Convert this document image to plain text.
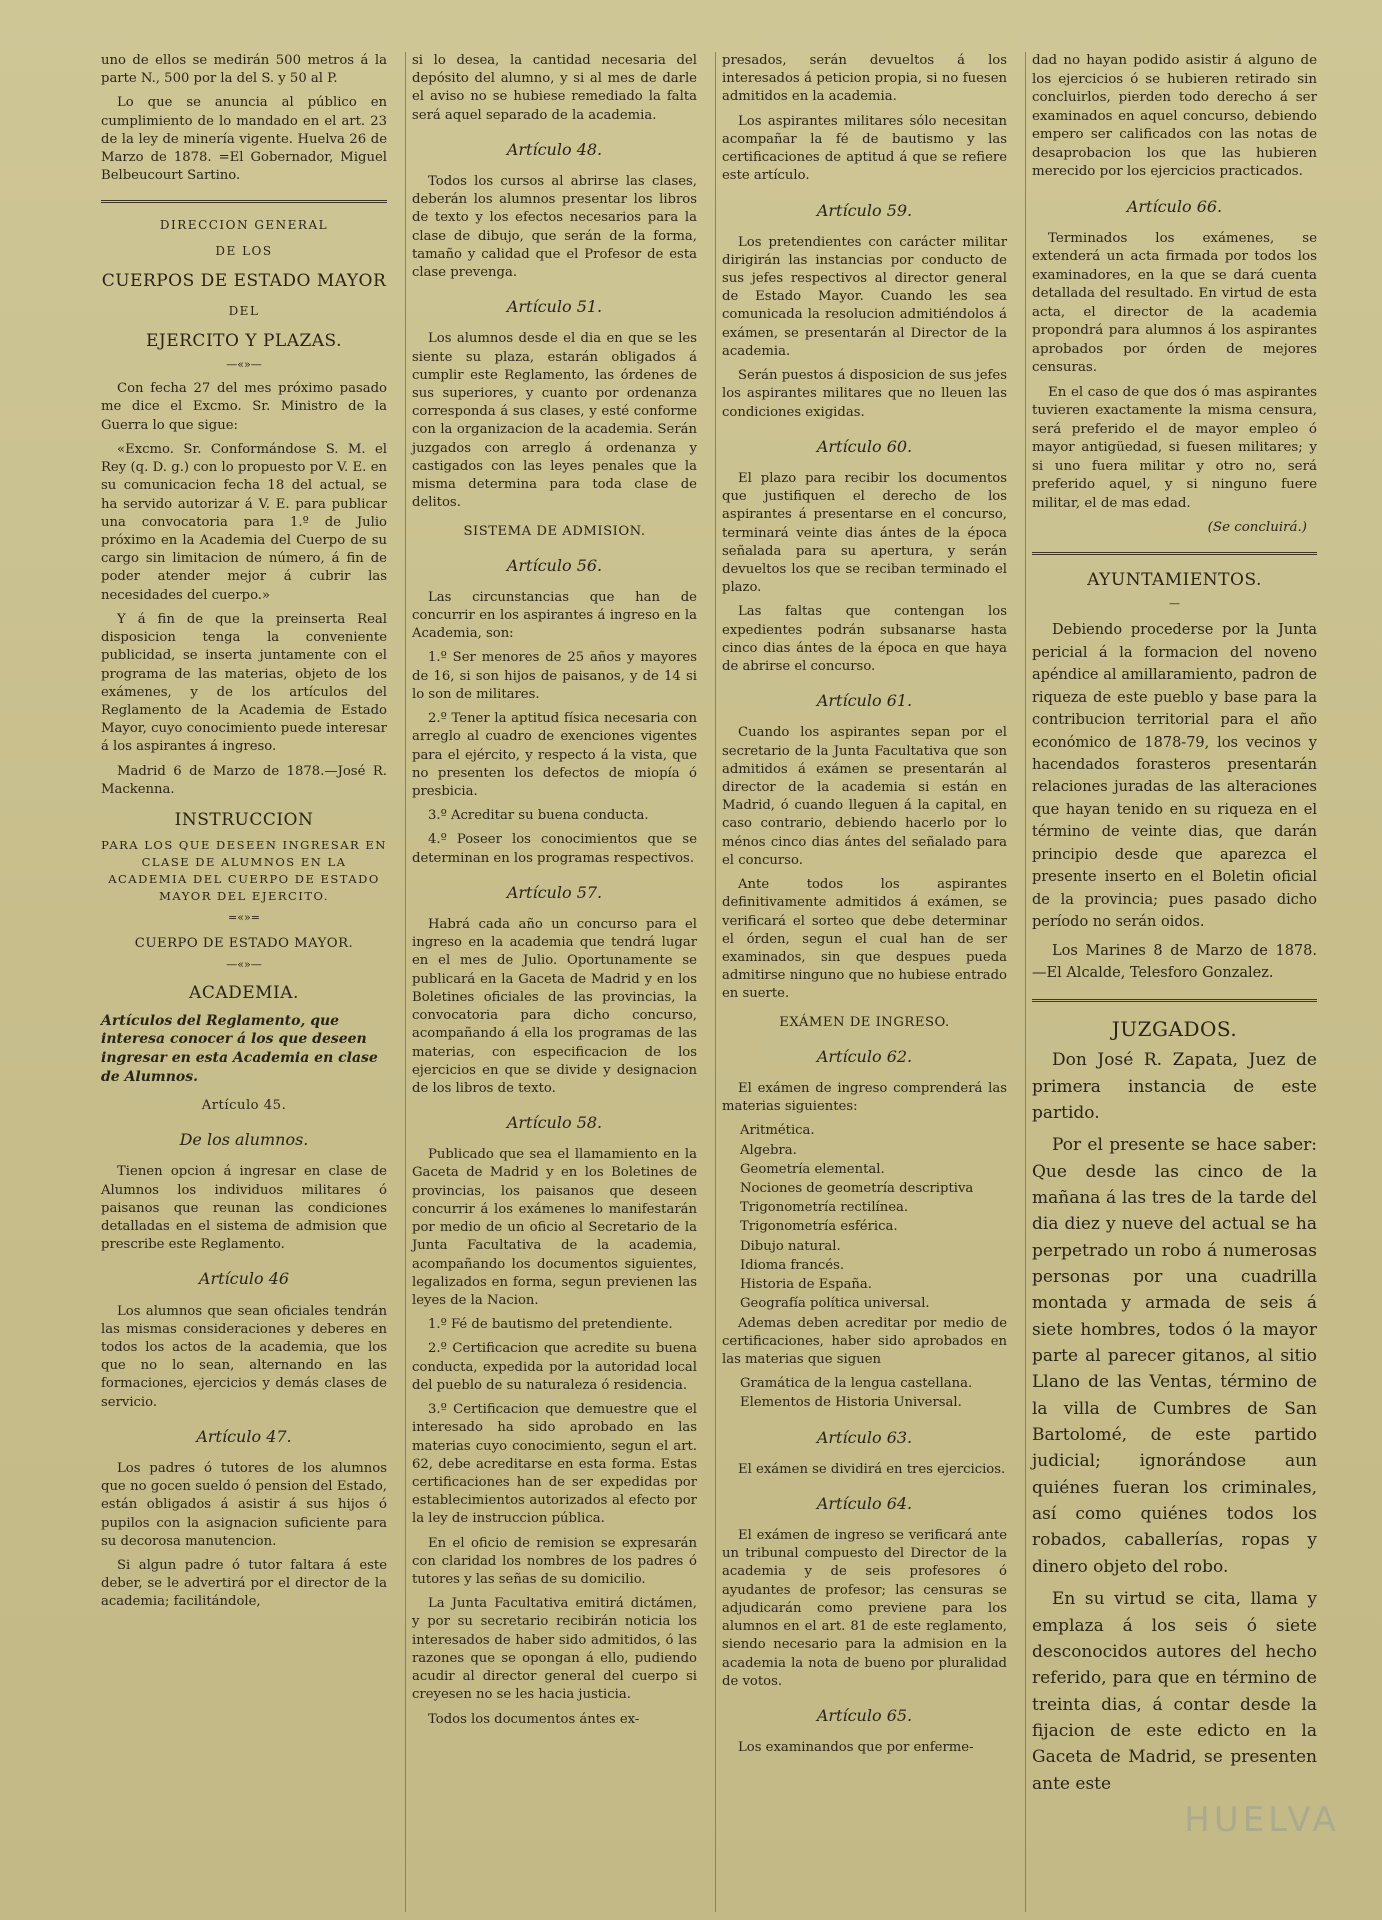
uno de ellos se medirán 500 metros á la parte N., 500 por la del S. y 50 al P.

Lo que se anuncia al público en cumplimiento de lo mandado en el art. 23 de la ley de minería vigente. Huelva 26 de Marzo de 1878. =El Gobernador, Miguel Belbeucourt Sartino.

DIRECCION GENERAL
DE LOS
CUERPOS DE ESTADO MAYOR
DEL
EJERCITO Y PLAZAS.
—«»—

Con fecha 27 del mes próximo pasado me dice el Excmo. Sr. Ministro de la Guerra lo que sigue:

«Excmo. Sr. Conformándose S. M. el Rey (q. D. g.) con lo propuesto por V. E. en su comunicacion fecha 18 del actual, se ha servido autorizar á V. E. para publicar una convocatoria para 1.º de Julio próximo en la Academia del Cuerpo de su cargo sin limitacion de número, á fin de poder atender mejor á cubrir las necesidades del cuerpo.»

Y á fin de que la preinserta Real disposicion tenga la conveniente publicidad, se inserta juntamente con el programa de las materias, objeto de los exámenes, y de los artículos del Reglamento de la Academia de Estado Mayor, cuyo conocimiento puede interesar á los aspirantes á ingreso.

Madrid 6 de Marzo de 1878.—José R. Mackenna.

INSTRUCCION
PARA LOS QUE DESEEN INGRESAR EN CLASE DE ALUMNOS EN LA ACADEMIA DEL CUERPO DE ESTADO MAYOR DEL EJERCITO.
=«»=
CUERPO DE ESTADO MAYOR.
—«»—
ACADEMIA.
Artículos del Reglamento, que interesa conocer á los que deseen ingresar en esta Academia en clase de Alumnos.
Artículo 45.
De los alumnos.

Tienen opcion á ingresar en clase de Alumnos los individuos militares ó paisanos que reunan las condiciones detalladas en el sistema de admision que prescribe este Reglamento.

Artículo 46

Los alumnos que sean oficiales tendrán las mismas consideraciones y deberes en todos los actos de la academia, que los que no lo sean, alternando en las formaciones, ejercicios y demás clases de servicio.

Artículo 47.

Los padres ó tutores de los alumnos que no gocen sueldo ó pension del Estado, están obligados á asistir á sus hijos ó pupilos con la asignacion suficiente para su decorosa manutencion.

Si algun padre ó tutor faltara á este deber, se le advertirá por el director de la academia; facilitándole,

si lo desea, la cantidad necesaria del depósito del alumno, y si al mes de darle el aviso no se hubiese remediado la falta será aquel separado de la academia.

Artículo 48.

Todos los cursos al abrirse las clases, deberán los alumnos presentar los libros de texto y los efectos necesarios para la clase de dibujo, que serán de la forma, tamaño y calidad que el Profesor de esta clase prevenga.

Artículo 51.

Los alumnos desde el dia en que se les siente su plaza, estarán obligados á cumplir este Reglamento, las órdenes de sus superiores, y cuanto por ordenanza corresponda á sus clases, y esté conforme con la organizacion de la academia. Serán juzgados con arreglo á ordenanza y castigados con las leyes penales que la misma determina para toda clase de delitos.

SISTEMA DE ADMISION.
Artículo 56.

Las circunstancias que han de concurrir en los aspirantes á ingreso en la Academia, son:

1.º Ser menores de 25 años y mayores de 16, si son hijos de paisanos, y de 14 si lo son de militares.

2.º Tener la aptitud física necesaria con arreglo al cuadro de exenciones vigentes para el ejército, y respecto á la vista, que no presenten los defectos de miopía ó presbicia.

3.º Acreditar su buena conducta.

4.º Poseer los conocimientos que se determinan en los programas respectivos.

Artículo 57.

Habrá cada año un concurso para el ingreso en la academia que tendrá lugar en el mes de Julio. Oportunamente se publicará en la Gaceta de Madrid y en los Boletines oficiales de las provincias, la convocatoria para dicho concurso, acompañando á ella los programas de las materias, con especificacion de los ejercicios en que se divide y designacion de los libros de texto.

Artículo 58.

Publicado que sea el llamamiento en la Gaceta de Madrid y en los Boletines de provincias, los paisanos que deseen concurrir á los exámenes lo manifestarán por medio de un oficio al Secretario de la Junta Facultativa de la academia, acompañando los documentos siguientes, legalizados en forma, segun previenen las leyes de la Nacion.

1.º Fé de bautismo del pretendiente.

2.º Certificacion que acredite su buena conducta, expedida por la autoridad local del pueblo de su naturaleza ó residencia.

3.º Certificacion que demuestre que el interesado ha sido aprobado en las materias cuyo conocimiento, segun el art. 62, debe acreditarse en esta forma. Estas certificaciones han de ser expedidas por establecimientos autorizados al efecto por la ley de instruccion pública.

En el oficio de remision se expresarán con claridad los nombres de los padres ó tutores y las señas de su domicilio.

La Junta Facultativa emitirá dictámen, y por su secretario recibirán noticia los interesados de haber sido admitidos, ó las razones que se opongan á ello, pudiendo acudir al director general del cuerpo si creyesen no se les hacia justicia.

Todos los documentos ántes ex-

presados, serán devueltos á los interesados á peticion propia, si no fuesen admitidos en la academia.

Los aspirantes militares sólo necesitan acompañar la fé de bautismo y las certificaciones de aptitud á que se refiere este artículo.

Artículo 59.

Los pretendientes con carácter militar dirigirán las instancias por conducto de sus jefes respectivos al director general de Estado Mayor. Cuando les sea comunicada la resolucion admitiéndolos á exámen, se presentarán al Director de la academia.

Serán puestos á disposicion de sus jefes los aspirantes militares que no lleuen las condiciones exigidas.

Artículo 60.

El plazo para recibir los documentos que justifiquen el derecho de los aspirantes á presentarse en el concurso, terminará veinte dias ántes de la época señalada para su apertura, y serán devueltos los que se reciban terminado el plazo.

Las faltas que contengan los expedientes podrán subsanarse hasta cinco dias ántes de la época en que haya de abrirse el concurso.

Artículo 61.

Cuando los aspirantes sepan por el secretario de la Junta Facultativa que son admitidos á exámen se presentarán al director de la academia si están en Madrid, ó cuando lleguen á la capital, en caso contrario, debiendo hacerlo por lo ménos cinco dias ántes del señalado para el concurso.

Ante todos los aspirantes definitivamente admitidos á exámen, se verificará el sorteo que debe determinar el órden, segun el cual han de ser examinados, sin que despues pueda admitirse ninguno que no hubiese entrado en suerte.

EXÁMEN DE INGRESO.
Artículo 62.

El exámen de ingreso comprenderá las materias siguientes:

Aritmética.

Algebra.

Geometría elemental.

Nociones de geometría descriptiva

Trigonometría rectilínea.

Trigonometría esférica.

Dibujo natural.

Idioma francés.

Historia de España.

Geografía política universal.

Ademas deben acreditar por medio de certificaciones, haber sido aprobados en las materias que siguen

Gramática de la lengua castellana.

Elementos de Historia Universal.

Artículo 63.

El exámen se dividirá en tres ejercicios.

Artículo 64.

El exámen de ingreso se verificará ante un tribunal compuesto del Director de la academia y de seis profesores ó ayudantes de profesor; las censuras se adjudicarán como previene para los alumnos en el art. 81 de este reglamento, siendo necesario para la admision en la academia la nota de bueno por pluralidad de votos.

Artículo 65.

Los examinandos que por enferme-

dad no hayan podido asistir á alguno de los ejercicios ó se hubieren retirado sin concluirlos, pierden todo derecho á ser examinados en aquel concurso, debiendo empero ser calificados con las notas de desaprobacion los que las hubieren merecido por los ejercicios practicados.

Artículo 66.

Terminados los exámenes, se extenderá un acta firmada por todos los examinadores, en la que se dará cuenta detallada del resultado. En virtud de esta acta, el director de la academia propondrá para alumnos á los aspirantes aprobados por órden de mejores censuras.

En el caso de que dos ó mas aspirantes tuvieren exactamente la misma censura, será preferido el de mayor empleo ó mayor antigüedad, si fuesen militares; y si uno fuera militar y otro no, será preferido aquel, y si ninguno fuere militar, el de mas edad.

(Se concluirá.)
AYUNTAMIENTOS.
—

Debiendo procederse por la Junta pericial á la formacion del noveno apéndice al amillaramiento, padron de riqueza de este pueblo y base para la contribucion territorial para el año económico de 1878-79, los vecinos y hacendados forasteros presentarán relaciones juradas de las alteraciones que hayan tenido en su riqueza en el término de veinte dias, que darán principio desde que aparezca el presente inserto en el Boletin oficial de la provincia; pues pasado dicho período no serán oidos.

Los Marines 8 de Marzo de 1878. —El Alcalde, Telesforo Gonzalez.

JUZGADOS.

Don José R. Zapata, Juez de primera instancia de este partido.

Por el presente se hace saber: Que desde las cinco de la mañana á las tres de la tarde del dia diez y nueve del actual se ha perpetrado un robo á numerosas personas por una cuadrilla montada y armada de seis á siete hombres, todos ó la mayor parte al parecer gitanos, al sitio Llano de las Ventas, término de la villa de Cumbres de San Bartolomé, de este partido judicial; ignorándose aun quiénes fueran los criminales, así como quiénes todos los robados, caballerías, ropas y dinero objeto del robo.

En su virtud se cita, llama y emplaza á los seis ó siete desconocidos autores del hecho referido, para que en término de treinta dias, á contar desde la fijacion de este edicto en la Gaceta de Madrid, se presenten ante este

HUELVA
